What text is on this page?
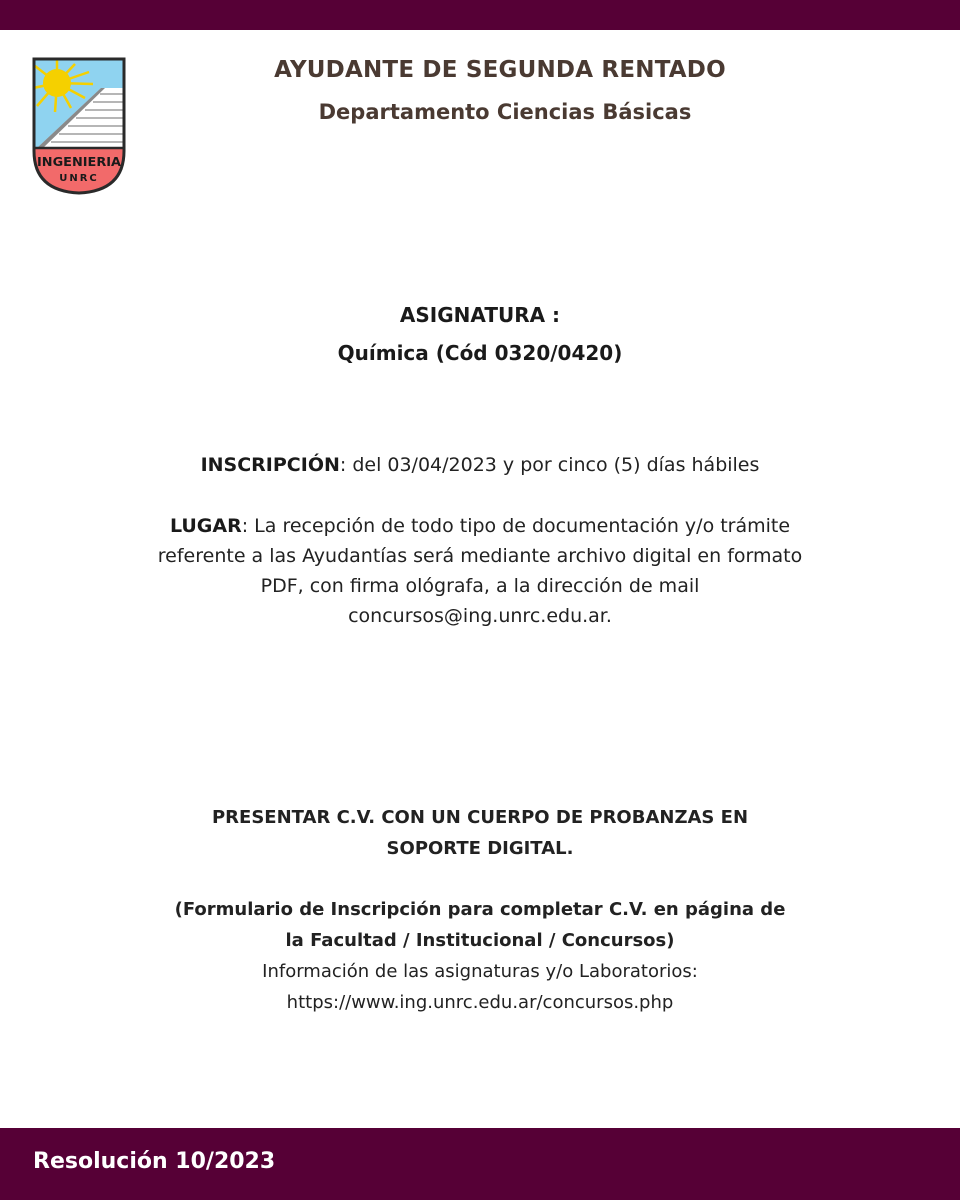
INGENIERIA
UNRC
AYUDANTE DE SEGUNDA RENTADO
Departamento Ciencias Básicas
ASIGNATURA :
Química (Cód 0320/0420)
INSCRIPCIÓN: del 03/04/2023 y por cinco (5) días hábiles
LUGAR: La recepción de todo tipo de documentación y/o trámite
referente a las Ayudantías será mediante archivo digital en formato
PDF, con firma ológrafa, a la dirección de mail
concursos@ing.unrc.edu.ar.
PRESENTAR C.V. CON UN CUERPO DE PROBANZAS EN
SOPORTE DIGITAL.
(Formulario de Inscripción para completar C.V. en página de
la Facultad / Institucional / Concursos)
Información de las asignaturas y/o Laboratorios:
https://www.ing.unrc.edu.ar/concursos.php
Resolución 10/2023
